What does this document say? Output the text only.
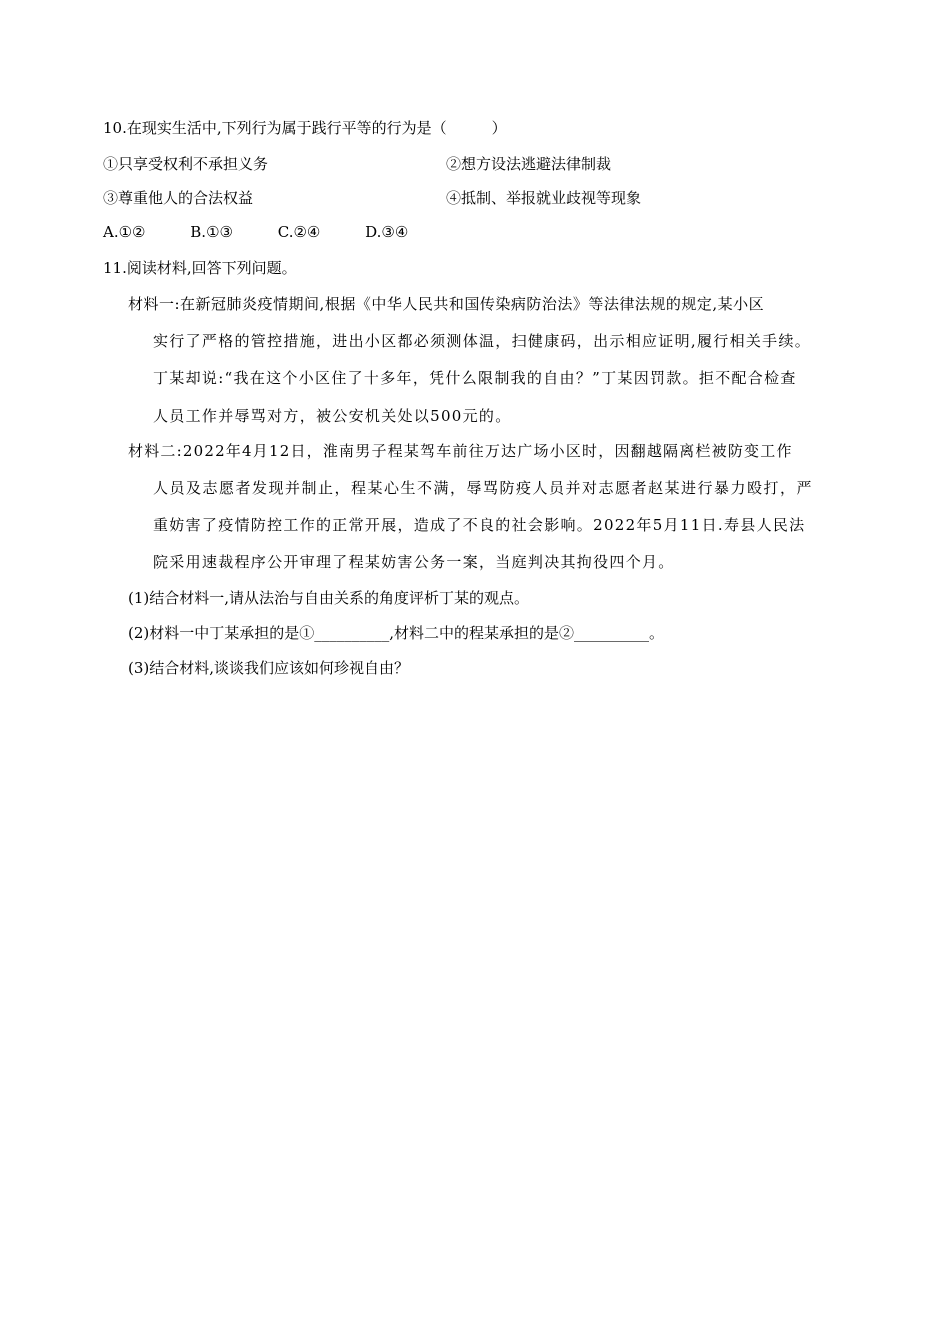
10.在现实生活中,下列行为属于践行平等的行为是（　　　）
①只享受权利不承担义务	②想方设法逃避法律制裁
③尊重他人的合法权益	④抵制、举报就业歧视等现象
A.①②	B.①③	C.②④	D.③④
11.阅读材料,回答下列问题。
材料一:在新冠肺炎疫情期间,根据《中华人民共和国传染病防治法》等法律法规的规定,某小区
实行了严格的管控措施，进出小区都必须测体温，扫健康码，出示相应证明,履行相关手续。
丁某却说:“我在这个小区住了十多年，凭什么限制我的自由？”丁某因罚款。拒不配合检查
人员工作并辱骂对方，被公安机关处以500元的。
材料二:2022年4月12日，淮南男子程某驾车前往万达广场小区时，因翻越隔离栏被防变工作
人员及志愿者发现并制止，程某心生不满，辱骂防疫人员并对志愿者赵某进行暴力殴打，严
重妨害了疫情防控工作的正常开展，造成了不良的社会影响。2022年5月11日.寿县人民法
院采用速裁程序公开审理了程某妨害公务一案，当庭判决其拘役四个月。
(1)结合材料一,请从法治与自由关系的角度评析丁某的观点。
(2)材料一中丁某承担的是①__________,材料二中的程某承担的是②__________。
(3)结合材料,谈谈我们应该如何珍视自由？
